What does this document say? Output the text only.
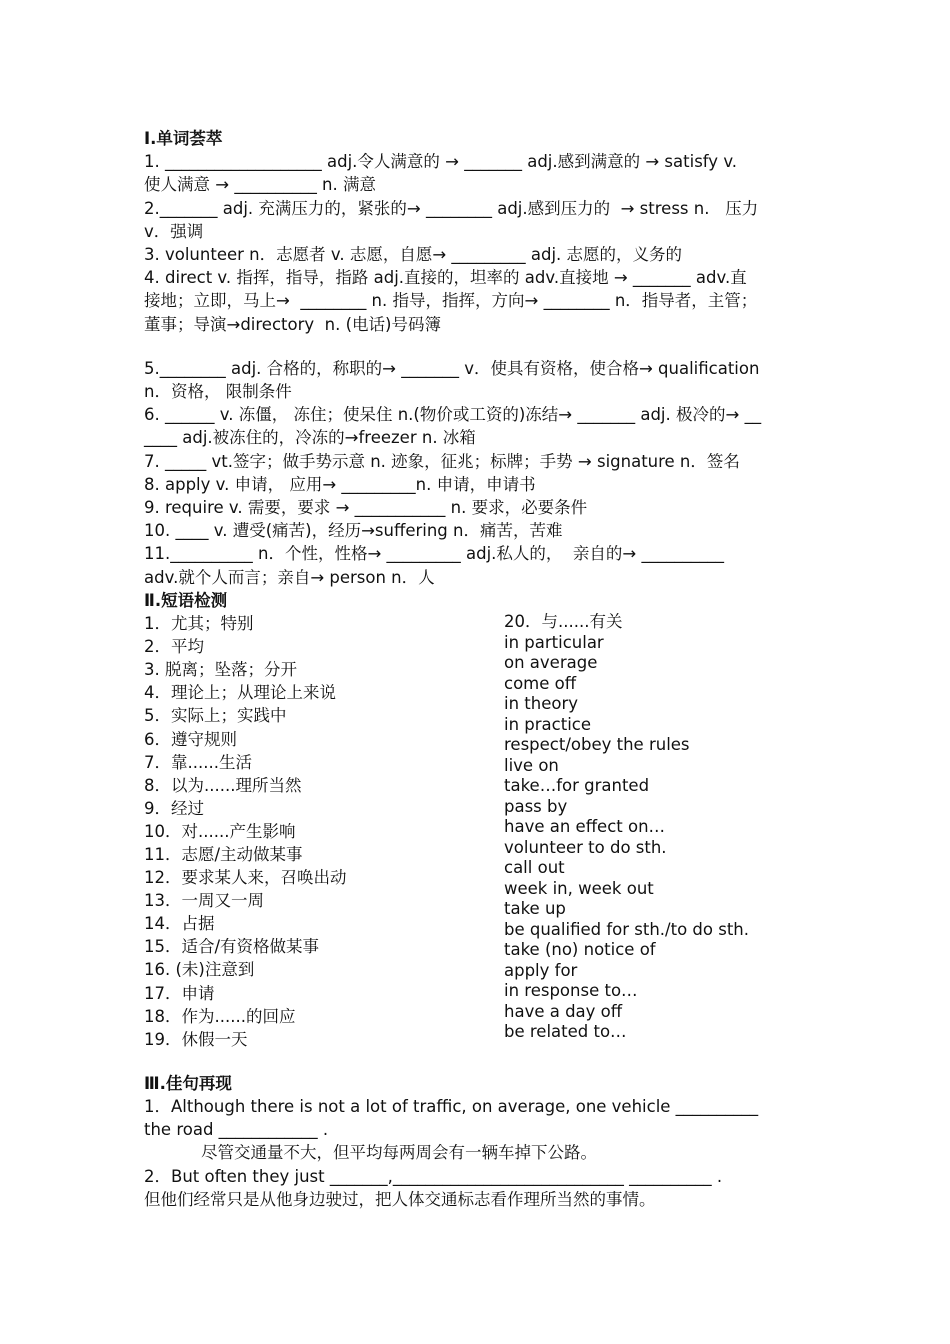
Ⅰ.单词荟萃
1. ___________________ adj.令人满意的 → _______ adj.感到满意的 → satisfy v.
使人满意 → __________ n. 满意
2._______ adj. 充满压力的，紧张的→ ________ adj.感到压力的  → stress n.   压力
v．强调
3. volunteer n．志愿者 v. 志愿，自愿→ _________ adj. 志愿的，义务的
4. direct v. 指挥，指导，指路 adj.直接的，坦率的 adv.直接地 → _______ adv.直
接地；立即，马上→  ________ n. 指导，指挥，方向→ ________ n．指导者，主管；
董事；导演→directory  n. (电话)号码簿
5.________ adj. 合格的，称职的→ _______ v．使具有资格，使合格→ qualification
n．资格， 限制条件
6. ______ v. 冻僵， 冻住；使呆住 n.(物价或工资的)冻结→ _______ adj. 极冷的→ __
____ adj.被冻住的，冷冻的→freezer n. 冰箱
7. _____ vt.签字；做手势示意 n. 迹象，征兆；标牌；手势 → signature n．签名
8. apply v. 申请， 应用→ _________n. 申请，申请书
9. require v. 需要，要求 → ___________ n. 要求，必要条件
10. ____ v. 遭受(痛苦)，经历→suffering n．痛苦，苦难
11.__________ n．个性，性格→ _________ adj.私人的，  亲自的→ __________
adv.就个人而言；亲自→ person n．人
Ⅱ.短语检测
1．尤其；特别
2．平均
3. 脱离；坠落；分开
4．理论上；从理论上来说
5．实际上；实践中
6．遵守规则
7．靠......生活
8．以为......理所当然
9．经过
10．对......产生影响
11．志愿/主动做某事
12．要求某人来，召唤出动
13．一周又一周
14．占据
15．适合/有资格做某事
16. (未)注意到
17．申请
18．作为......的回应
19．休假一天
20．与......有关
in particular
on average
come off
in theory
in practice
respect/obey the rules
live on
take…for granted
pass by
have an effect on…
volunteer to do sth.
call out
week in, week out
take up
be qualified for sth./to do sth.
take (no) notice of
apply for
in response to…
have a day off
be related to…
Ⅲ.佳句再现
1．Although there is not a lot of traffic, on average, one vehicle __________
the road ____________ .
尽管交通量不大，但平均每两周会有一辆车掉下公路。
2．But often they just _______,____________________________ __________ .
但他们经常只是从他身边驶过，把人体交通标志看作理所当然的事情。
